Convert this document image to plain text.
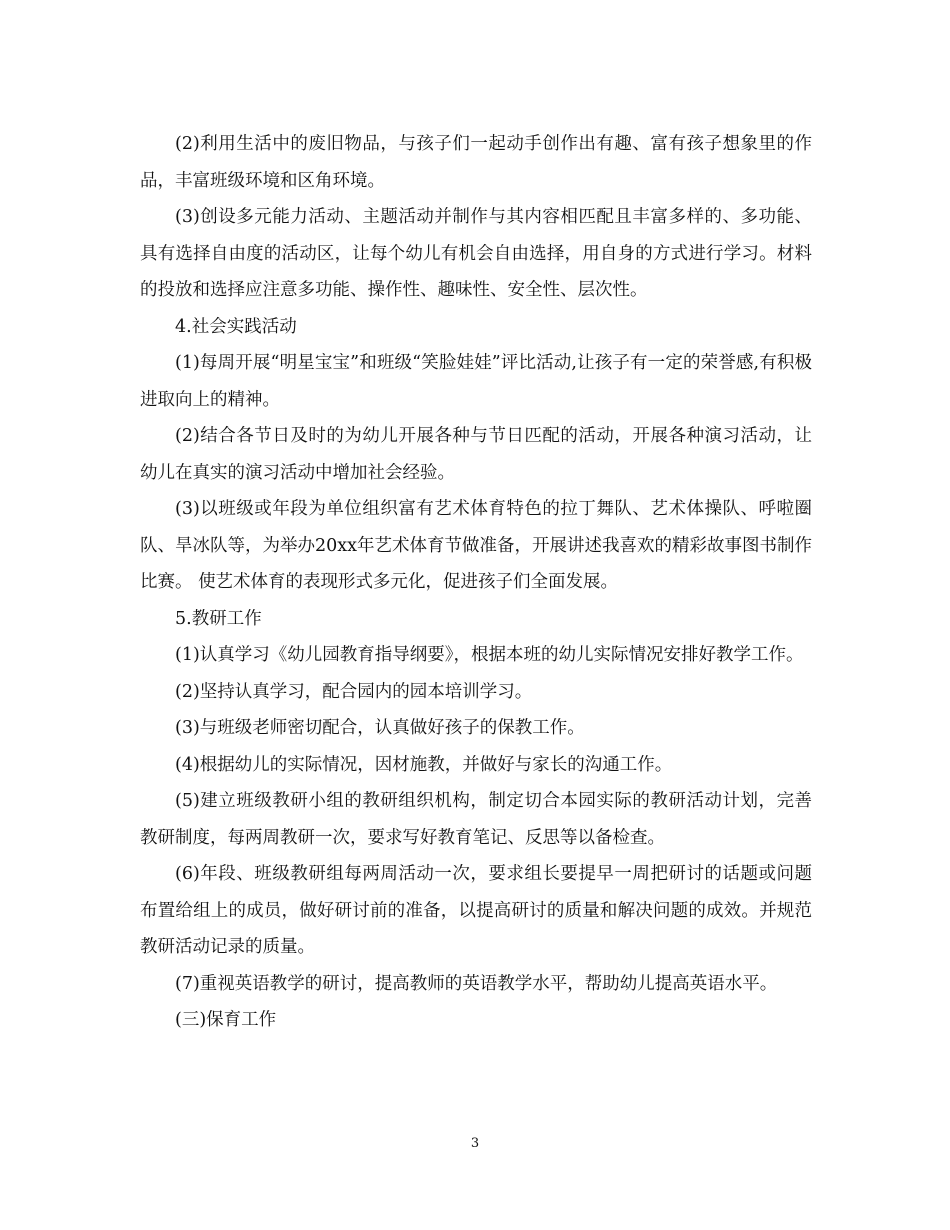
(2)利用生活中的废旧物品，与孩子们一起动手创作出有趣、富有孩子想象里的作品，丰富班级环境和区角环境。

(3)创设多元能力活动、主题活动并制作与其内容相匹配且丰富多样的、多功能、具有选择自由度的活动区，让每个幼儿有机会自由选择，用自身的方式进行学习。材料的投放和选择应注意多功能、操作性、趣味性、安全性、层次性。

4.社会实践活动

(1)每周开展“明星宝宝”和班级“笑脸娃娃”评比活动,让孩子有一定的荣誉感,有积极进取向上的精神。

(2)结合各节日及时的为幼儿开展各种与节日匹配的活动，开展各种演习活动，让幼儿在真实的演习活动中增加社会经验。

(3)以班级或年段为单位组织富有艺术体育特色的拉丁舞队、艺术体操队、呼啦圈队、旱冰队等，为举办20xx年艺术体育节做准备，开展讲述我喜欢的精彩故事图书制作比赛。 使艺术体育的表现形式多元化，促进孩子们全面发展。

5.教研工作

(1)认真学习《幼儿园教育指导纲要》，根据本班的幼儿实际情况安排好教学工作。

(2)坚持认真学习，配合园内的园本培训学习。

(3)与班级老师密切配合，认真做好孩子的保教工作。

(4)根据幼儿的实际情况，因材施教，并做好与家长的沟通工作。

(5)建立班级教研小组的教研组织机构，制定切合本园实际的教研活动计划，完善教研制度，每两周教研一次，要求写好教育笔记、反思等以备检查。

(6)年段、班级教研组每两周活动一次，要求组长要提早一周把研讨的话题或问题布置给组上的成员，做好研讨前的准备，以提高研讨的质量和解决问题的成效。并规范教研活动记录的质量。

(7)重视英语教学的研讨，提高教师的英语教学水平，帮助幼儿提高英语水平。

(三)保育工作

3
